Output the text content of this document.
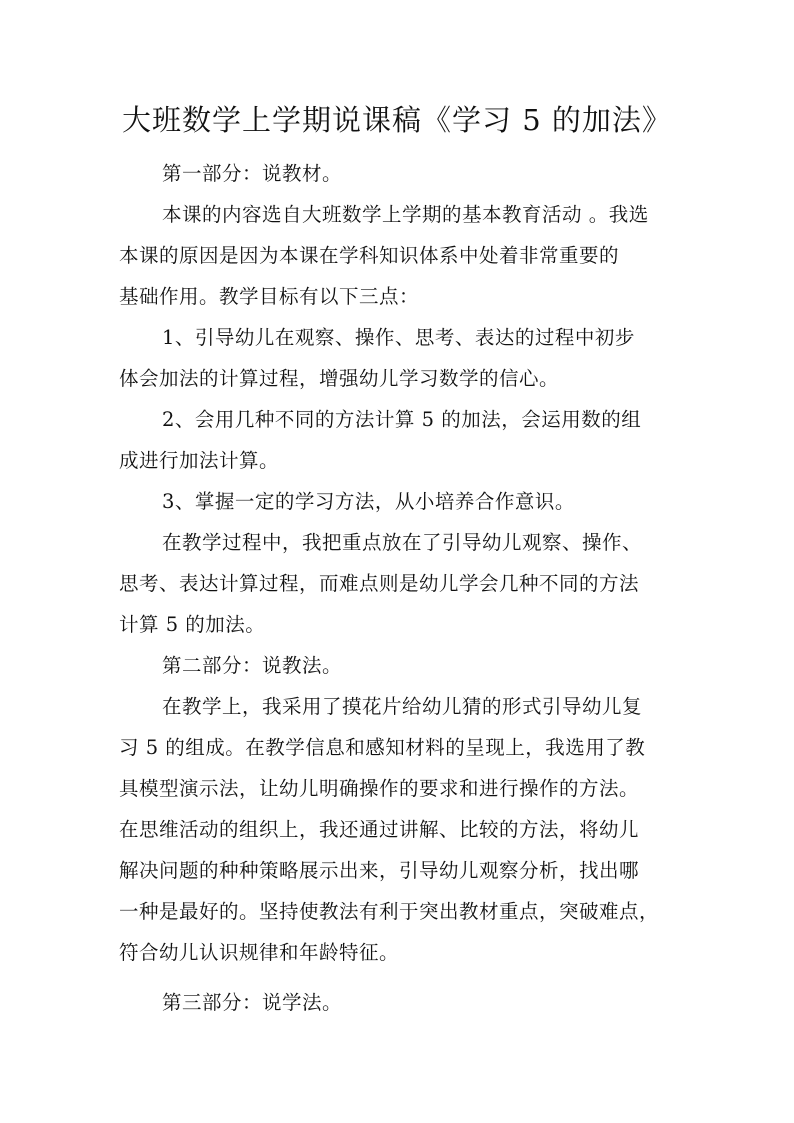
大班数学上学期说课稿《学习 5 的加法》
第一部分：说教材。
本课的内容选自大班数学上学期的基本教育活动 。我选
本课的原因是因为本课在学科知识体系中处着非常重要的
基础作用。教学目标有以下三点：
1、引导幼儿在观察、操作、思考、表达的过程中初步
体会加法的计算过程，增强幼儿学习数学的信心。
2、会用几种不同的方法计算 5 的加法，会运用数的组
成进行加法计算。
3、掌握一定的学习方法，从小培养合作意识。
在教学过程中，我把重点放在了引导幼儿观察、操作、
思考、表达计算过程，而难点则是幼儿学会几种不同的方法
计算 5 的加法。
第二部分：说教法。
在教学上，我采用了摸花片给幼儿猜的形式引导幼儿复
习 5 的组成。在教学信息和感知材料的呈现上，我选用了教
具模型演示法，让幼儿明确操作的要求和进行操作的方法。
在思维活动的组织上，我还通过讲解、比较的方法，将幼儿
解决问题的种种策略展示出来，引导幼儿观察分析，找出哪
一种是最好的。坚持使教法有利于突出教材重点，突破难点，
符合幼儿认识规律和年龄特征。
第三部分：说学法。
